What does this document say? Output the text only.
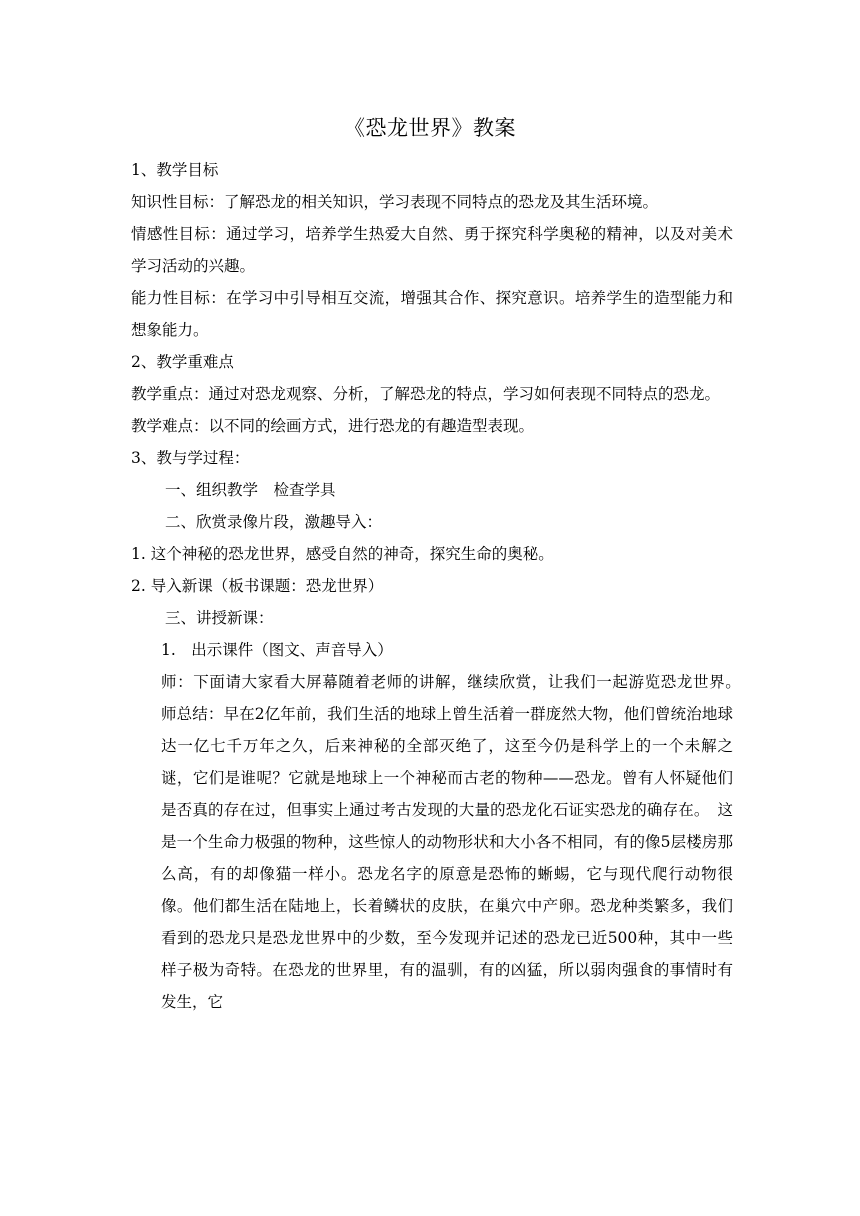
《恐龙世界》教案

1、教学目标

知识性目标：了解恐龙的相关知识，学习表现不同特点的恐龙及其生活环境。

情感性目标：通过学习，培养学生热爱大自然、勇于探究科学奥秘的精神，以及对美术学习活动的兴趣。

能力性目标：在学习中引导相互交流，增强其合作、探究意识。培养学生的造型能力和想象能力。

2、教学重难点

教学重点：通过对恐龙观察、分析，了解恐龙的特点，学习如何表现不同特点的恐龙。

教学难点：以不同的绘画方式，进行恐龙的有趣造型表现。

3、教与学过程：

一、组织教学　检查学具

二、欣赏录像片段，激趣导入：

1. 这个神秘的恐龙世界，感受自然的神奇，探究生命的奥秘。

2. 导入新课（板书课题：恐龙世界）

三、讲授新课：

1.　出示课件（图文、声音导入）

师：下面请大家看大屏幕随着老师的讲解，继续欣赏，让我们一起游览恐龙世界。　师总结：早在2亿年前，我们生活的地球上曾生活着一群庞然大物，他们曾统治地球达一亿七千万年之久，后来神秘的全部灭绝了，这至今仍是科学上的一个未解之谜，它们是谁呢？它就是地球上一个神秘而古老的物种——恐龙。曾有人怀疑他们是否真的存在过，但事实上通过考古发现的大量的恐龙化石证实恐龙的确存在。　这是一个生命力极强的物种，这些惊人的动物形状和大小各不相同，有的像5层楼房那么高，有的却像猫一样小。恐龙名字的原意是恐怖的蜥蜴，它与现代爬行动物很像。他们都生活在陆地上，长着鳞状的皮肤，在巢穴中产卵。恐龙种类繁多，我们看到的恐龙只是恐龙世界中的少数，至今发现并记述的恐龙已近500种，其中一些样子极为奇特。在恐龙的世界里，有的温驯，有的凶猛，所以弱肉强食的事情时有发生，它
